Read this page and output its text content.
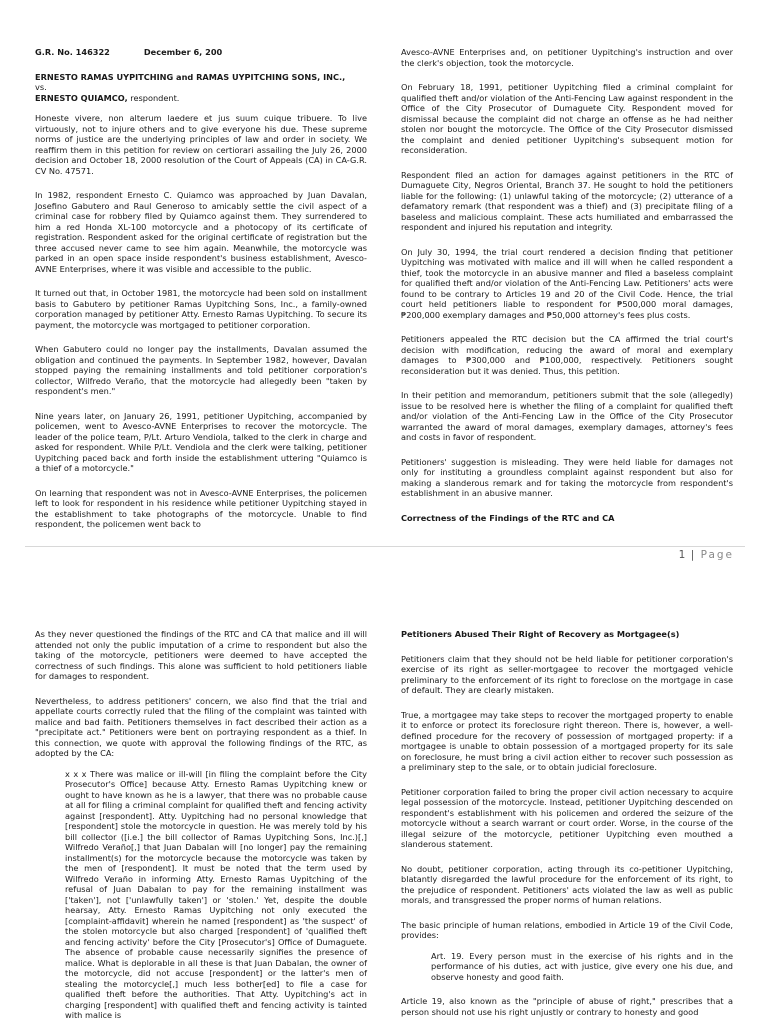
G.R. No. 146322	December 6, 200

ERNESTO RAMAS UYPITCHING and RAMAS UYPITCHING SONS, INC.,
vs.
ERNESTO QUIAMCO, respondent.

Honeste vivere, non alterum laedere et jus suum cuique tribuere. To live virtuously, not to injure others and to give everyone his due. These supreme norms of justice are the underlying principles of law and order in society. We reaffirm them in this petition for review on certiorari assailing the July 26, 2000 decision and October 18, 2000 resolution of the Court of Appeals (CA) in CA-G.R. CV No. 47571.

In 1982, respondent Ernesto C. Quiamco was approached by Juan Davalan, Josefino Gabutero and Raul Generoso to amicably settle the civil aspect of a criminal case for robbery filed by Quiamco against them. They surrendered to him a red Honda XL-100 motorcycle and a photocopy of its certificate of registration. Respondent asked for the original certificate of registration but the three accused never came to see him again. Meanwhile, the motorcycle was parked in an open space inside respondent's business establishment, Avesco-AVNE Enterprises, where it was visible and accessible to the public.

It turned out that, in October 1981, the motorcycle had been sold on installment basis to Gabutero by petitioner Ramas Uypitching Sons, Inc., a family-owned corporation managed by petitioner Atty. Ernesto Ramas Uypitching. To secure its payment, the motorcycle was mortgaged to petitioner corporation.

When Gabutero could no longer pay the installments, Davalan assumed the obligation and continued the payments. In September 1982, however, Davalan stopped paying the remaining installments and told petitioner corporation's collector, Wilfredo Veraño, that the motorcycle had allegedly been "taken by respondent's men."

Nine years later, on January 26, 1991, petitioner Uypitching, accompanied by policemen, went to Avesco-AVNE Enterprises to recover the motorcycle. The leader of the police team, P/Lt. Arturo Vendiola, talked to the clerk in charge and asked for respondent. While P/Lt. Vendiola and the clerk were talking, petitioner Uypitching paced back and forth inside the establishment uttering "Quiamco is a thief of a motorcycle."

On learning that respondent was not in Avesco-AVNE Enterprises, the policemen left to look for respondent in his residence while petitioner Uypitching stayed in the establishment to take photographs of the motorcycle. Unable to find respondent, the policemen went back to

Avesco-AVNE Enterprises and, on petitioner Uypitching's instruction and over the clerk's objection, took the motorcycle.

On February 18, 1991, petitioner Uypitching filed a criminal complaint for qualified theft and/or violation of the Anti-Fencing Law against respondent in the Office of the City Prosecutor of Dumaguete City. Respondent moved for dismissal because the complaint did not charge an offense as he had neither stolen nor bought the motorcycle. The Office of the City Prosecutor dismissed the complaint and denied petitioner Uypitching's subsequent motion for reconsideration.

Respondent filed an action for damages against petitioners in the RTC of Dumaguete City, Negros Oriental, Branch 37. He sought to hold the petitioners liable for the following: (1) unlawful taking of the motorcycle; (2) utterance of a defamatory remark (that respondent was a thief) and (3) precipitate filing of a baseless and malicious complaint. These acts humiliated and embarrassed the respondent and injured his reputation and integrity.

On July 30, 1994, the trial court rendered a decision finding that petitioner Uypitching was motivated with malice and ill will when he called respondent a thief, took the motorcycle in an abusive manner and filed a baseless complaint for qualified theft and/or violation of the Anti-Fencing Law. Petitioners' acts were found to be contrary to Articles 19 and 20 of the Civil Code. Hence, the trial court held petitioners liable to respondent for ₱500,000 moral damages, ₱200,000 exemplary damages and ₱50,000 attorney's fees plus costs.

Petitioners appealed the RTC decision but the CA affirmed the trial court's decision with modification, reducing the award of moral and exemplary damages to ₱300,000 and ₱100,000, respectively. Petitioners sought reconsideration but it was denied. Thus, this petition.

In their petition and memorandum, petitioners submit that the sole (allegedly) issue to be resolved here is whether the filing of a complaint for qualified theft and/or violation of the Anti-Fencing Law in the Office of the City Prosecutor warranted the award of moral damages, exemplary damages, attorney's fees and costs in favor of respondent.

Petitioners' suggestion is misleading. They were held liable for damages not only for instituting a groundless complaint against respondent but also for making a slanderous remark and for taking the motorcycle from respondent's establishment in an abusive manner.

Correctness of the Findings of the RTC and CA

1 | Page

As they never questioned the findings of the RTC and CA that malice and ill will attended not only the public imputation of a crime to respondent but also the taking of the motorcycle, petitioners were deemed to have accepted the correctness of such findings. This alone was sufficient to hold petitioners liable for damages to respondent.

Nevertheless, to address petitioners' concern, we also find that the trial and appellate courts correctly ruled that the filing of the complaint was tainted with malice and bad faith. Petitioners themselves in fact described their action as a "precipitate act." Petitioners were bent on portraying respondent as a thief. In this connection, we quote with approval the following findings of the RTC, as adopted by the CA:

x x x There was malice or ill-will [in filing the complaint before the City Prosecutor's Office] because Atty. Ernesto Ramas Uypitching knew or ought to have known as he is a lawyer, that there was no probable cause at all for filing a criminal complaint for qualified theft and fencing activity against [respondent]. Atty. Uypitching had no personal knowledge that [respondent] stole the motorcycle in question. He was merely told by his bill collector ([i.e.] the bill collector of Ramas Uypitching Sons, Inc.)[,] Wilfredo Veraño[,] that Juan Dabalan will [no longer] pay the remaining installment(s) for the motorcycle because the motorcycle was taken by the men of [respondent]. It must be noted that the term used by Wilfredo Veraño in informing Atty. Ernesto Ramas Uypitching of the refusal of Juan Dabalan to pay for the remaining installment was ['taken'], not ['unlawfully taken'] or 'stolen.' Yet, despite the double hearsay, Atty. Ernesto Ramas Uypitching not only executed the [complaint-affidavit] wherein he named [respondent] as 'the suspect' of the stolen motorcycle but also charged [respondent] of 'qualified theft and fencing activity' before the City [Prosecutor's] Office of Dumaguete. The absence of probable cause necessarily signifies the presence of malice. What is deplorable in all these is that Juan Dabalan, the owner of the motorcycle, did not accuse [respondent] or the latter's men of stealing the motorcycle[,] much less bother[ed] to file a case for qualified theft before the authorities. That Atty. Uypitching's act in charging [respondent] with qualified theft and fencing activity is tainted with malice is

Petitioners Abused Their Right of Recovery as Mortgagee(s)

Petitioners claim that they should not be held liable for petitioner corporation's exercise of its right as seller-mortgagee to recover the mortgaged vehicle preliminary to the enforcement of its right to foreclose on the mortgage in case of default. They are clearly mistaken.

True, a mortgagee may take steps to recover the mortgaged property to enable it to enforce or protect its foreclosure right thereon. There is, however, a well-defined procedure for the recovery of possession of mortgaged property: if a mortgagee is unable to obtain possession of a mortgaged property for its sale on foreclosure, he must bring a civil action either to recover such possession as a preliminary step to the sale, or to obtain judicial foreclosure.

Petitioner corporation failed to bring the proper civil action necessary to acquire legal possession of the motorcycle. Instead, petitioner Uypitching descended on respondent's establishment with his policemen and ordered the seizure of the motorcycle without a search warrant or court order. Worse, in the course of the illegal seizure of the motorcycle, petitioner Uypitching even mouthed a slanderous statement.

No doubt, petitioner corporation, acting through its co-petitioner Uypitching, blatantly disregarded the lawful procedure for the enforcement of its right, to the prejudice of respondent. Petitioners' acts violated the law as well as public morals, and transgressed the proper norms of human relations.

The basic principle of human relations, embodied in Article 19 of the Civil Code, provides:

Art. 19. Every person must in the exercise of his rights and in the performance of his duties, act with justice, give every one his due, and observe honesty and good faith.

Article 19, also known as the "principle of abuse of right," prescribes that a person should not use his right unjustly or contrary to honesty and good
